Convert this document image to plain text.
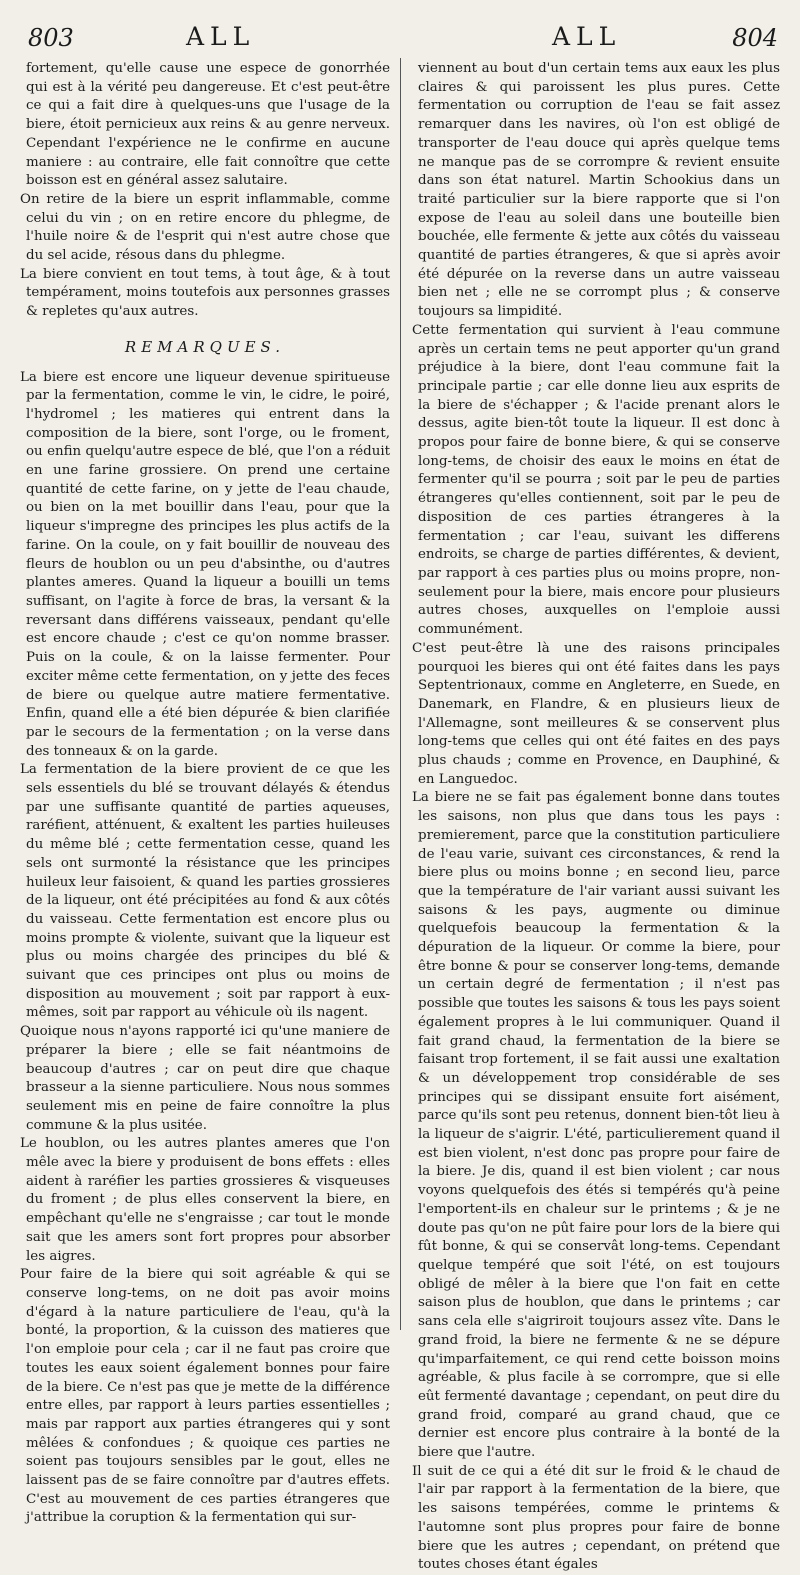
803	ALL	ALL	804

fortement, qu'elle cause une espece de gonorrhée qui est à la vérité peu dangereuse. Et c'est peut-être ce qui a fait dire à quelques-uns que l'usage de la biere, étoit pernicieux aux reins & au genre nerveux. Cependant l'expérience ne le confirme en aucune maniere : au contraire, elle fait connoître que cette boisson est en général assez salutaire.

On retire de la biere un esprit inflammable, comme celui du vin ; on en retire encore du phlegme, de l'huile noire & de l'esprit qui n'est autre chose que du sel acide, résous dans du phlegme.

La biere convient en tout tems, à tout âge, & à tout tempérament, moins toutefois aux personnes grasses & repletes qu'aux autres.

REMARQUES.

La biere est encore une liqueur devenue spiritueuse par la fermentation, comme le vin, le cidre, le poiré, l'hydromel ; les matieres qui entrent dans la composition de la biere, sont l'orge, ou le froment, ou enfin quelqu'autre espece de blé, que l'on a réduit en une farine grossiere. On prend une certaine quantité de cette farine, on y jette de l'eau chaude, ou bien on la met bouillir dans l'eau, pour que la liqueur s'impregne des principes les plus actifs de la farine. On la coule, on y fait bouillir de nouveau des fleurs de houblon ou un peu d'absinthe, ou d'autres plantes ameres. Quand la liqueur a bouilli un tems suffisant, on l'agite à force de bras, la versant & la reversant dans différens vaisseaux, pendant qu'elle est encore chaude ; c'est ce qu'on nomme brasser. Puis on la coule, & on la laisse fermenter. Pour exciter même cette fermentation, on y jette des feces de biere ou quelque autre matiere fermentative. Enfin, quand elle a été bien dépurée & bien clarifiée par le secours de la fermentation ; on la verse dans des tonneaux & on la garde.

La fermentation de la biere provient de ce que les sels essentiels du blé se trouvant délayés & étendus par une suffisante quantité de parties aqueuses, raréfient, atténuent, & exaltent les parties huileuses du même blé ; cette fermentation cesse, quand les sels ont surmonté la résistance que les principes huileux leur faisoient, & quand les parties grossieres de la liqueur, ont été précipitées au fond & aux côtés du vaisseau. Cette fermentation est encore plus ou moins prompte & violente, suivant que la liqueur est plus ou moins chargée des principes du blé & suivant que ces principes ont plus ou moins de disposition au mouvement ; soit par rapport à eux-mêmes, soit par rapport au véhicule où ils nagent.

Quoique nous n'ayons rapporté ici qu'une maniere de préparer la biere ; elle se fait néantmoins de beaucoup d'autres ; car on peut dire que chaque brasseur a la sienne particuliere. Nous nous sommes seulement mis en peine de faire connoître la plus commune & la plus usitée.

Le houblon, ou les autres plantes ameres que l'on mêle avec la biere y produisent de bons effets : elles aident à raréfier les parties grossieres & visqueuses du froment ; de plus elles conservent la biere, en empêchant qu'elle ne s'engraisse ; car tout le monde sait que les amers sont fort propres pour absorber les aigres.

Pour faire de la biere qui soit agréable & qui se conserve long-tems, on ne doit pas avoir moins d'égard à la nature particuliere de l'eau, qu'à la bonté, la proportion, & la cuisson des matieres que l'on emploie pour cela ; car il ne faut pas croire que toutes les eaux soient également bonnes pour faire de la biere. Ce n'est pas que je mette de la différence entre elles, par rapport à leurs parties essentielles ; mais par rapport aux parties étrangeres qui y sont mêlées & confondues ; & quoique ces parties ne soient pas toujours sensibles par le gout, elles ne laissent pas de se faire connoître par d'autres effets. C'est au mouvement de ces parties étrangeres que j'attribue la coruption & la fermentation qui sur-

viennent au bout d'un certain tems aux eaux les plus claires & qui paroissent les plus pures. Cette fermentation ou corruption de l'eau se fait assez remarquer dans les navires, où l'on est obligé de transporter de l'eau douce qui après quelque tems ne manque pas de se corrompre & revient ensuite dans son état naturel. Martin Schookius dans un traité particulier sur la biere rapporte que si l'on expose de l'eau au soleil dans une bouteille bien bouchée, elle fermente & jette aux côtés du vaisseau quantité de parties étrangeres, & que si après avoir été dépurée on la reverse dans un autre vaisseau bien net ; elle ne se corrompt plus ; & conserve toujours sa limpidité.

Cette fermentation qui survient à l'eau commune après un certain tems ne peut apporter qu'un grand préjudice à la biere, dont l'eau commune fait la principale partie ; car elle donne lieu aux esprits de la biere de s'échapper ; & l'acide prenant alors le dessus, agite bien-tôt toute la liqueur. Il est donc à propos pour faire de bonne biere, & qui se conserve long-tems, de choisir des eaux le moins en état de fermenter qu'il se pourra ; soit par le peu de parties étrangeres qu'elles contiennent, soit par le peu de disposition de ces parties étrangeres à la fermentation ; car l'eau, suivant les differens endroits, se charge de parties différentes, & devient, par rapport à ces parties plus ou moins propre, non-seulement pour la biere, mais encore pour plusieurs autres choses, auxquelles on l'emploie aussi communément.

C'est peut-être là une des raisons principales pourquoi les bieres qui ont été faites dans les pays Septentrionaux, comme en Angleterre, en Suede, en Danemark, en Flandre, & en plusieurs lieux de l'Allemagne, sont meilleures & se conservent plus long-tems que celles qui ont été faites en des pays plus chauds ; comme en Provence, en Dauphiné, & en Languedoc.

La biere ne se fait pas également bonne dans toutes les saisons, non plus que dans tous les pays : premierement, parce que la constitution particuliere de l'eau varie, suivant ces circonstances, & rend la biere plus ou moins bonne ; en second lieu, parce que la température de l'air variant aussi suivant les saisons & les pays, augmente ou diminue quelquefois beaucoup la fermentation & la dépuration de la liqueur. Or comme la biere, pour être bonne & pour se conserver long-tems, demande un certain degré de fermentation ; il n'est pas possible que toutes les saisons & tous les pays soient également propres à le lui communiquer. Quand il fait grand chaud, la fermentation de la biere se faisant trop fortement, il se fait aussi une exaltation & un développement trop considérable de ses principes qui se dissipant ensuite fort aisément, parce qu'ils sont peu retenus, donnent bien-tôt lieu à la liqueur de s'aigrir. L'été, particulierement quand il est bien violent, n'est donc pas propre pour faire de la biere. Je dis, quand il est bien violent ; car nous voyons quelquefois des étés si tempérés qu'à peine l'emportent-ils en chaleur sur le printems ; & je ne doute pas qu'on ne pût faire pour lors de la biere qui fût bonne, & qui se conservât long-tems. Cependant quelque tempéré que soit l'été, on est toujours obligé de mêler à la biere que l'on fait en cette saison plus de houblon, que dans le printems ; car sans cela elle s'aigriroit toujours assez vîte. Dans le grand froid, la biere ne fermente & ne se dépure qu'imparfaitement, ce qui rend cette boisson moins agréable, & plus facile à se corrompre, que si elle eût fermenté davantage ; cependant, on peut dire du grand froid, comparé au grand chaud, que ce dernier est encore plus contraire à la bonté de la biere que l'autre.

Il suit de ce qui a été dit sur le froid & le chaud de l'air par rapport à la fermentation de la biere, que les saisons tempérées, comme le printems & l'automne sont plus propres pour faire de bonne biere que les autres ; cependant, on prétend que toutes choses étant égales
